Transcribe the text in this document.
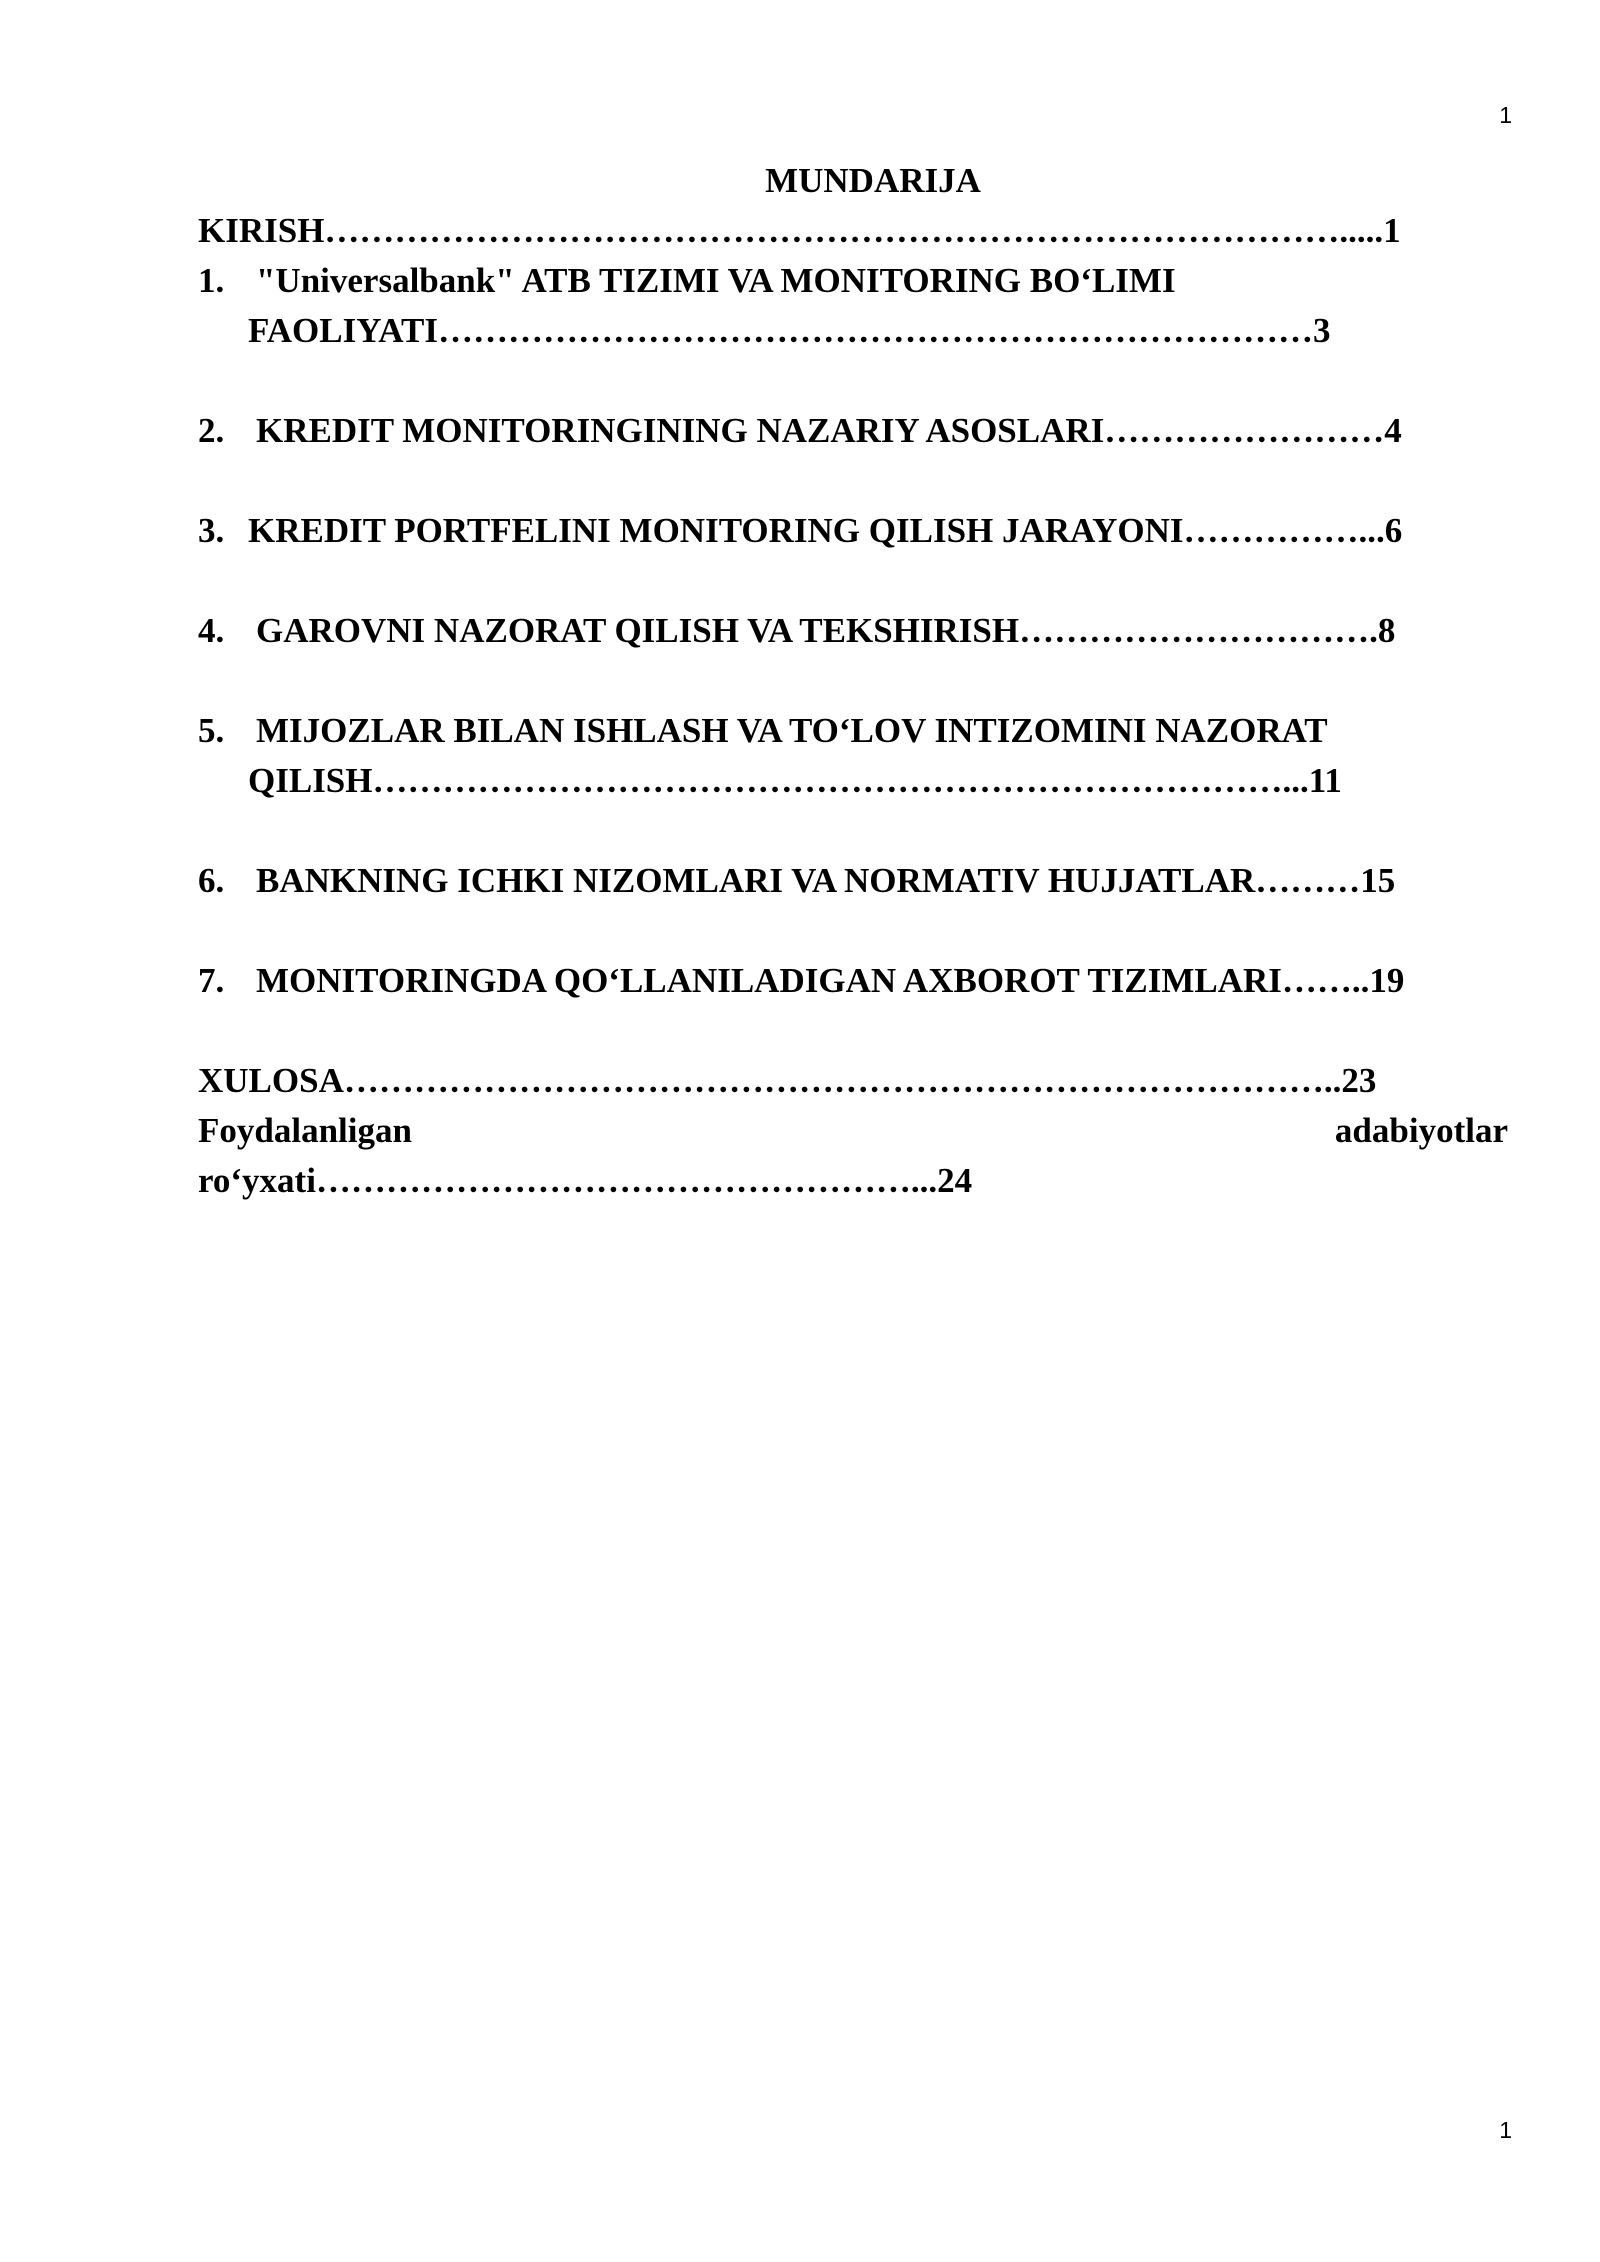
1
MUNDARIJA
KIRISH…………………………………………………………………………….....1
1. "Universalbank" ATB TIZIMI VA MONITORING BO‘LIMI
FAOLIYATI…………………………………………………………………3
2. KREDIT MONITORINGINING NAZARIY ASOSLARI……………………4
3. KREDIT PORTFELINI MONITORING QILISH JARAYONI……………...6
4. GAROVNI NAZORAT QILISH VA TEKSHIRISH………………………….8
5. MIJOZLAR BILAN ISHLASH VA TO‘LOV INTIZOMINI NAZORAT
QILISH……………………………………………………………………...11
6. BANKNING ICHKI NIZOMLARI VA NORMATIV HUJJATLAR………15
7. MONITORINGDA QO‘LLANILADIGAN AXBOROT TIZIMLARI……..19
XULOSA…………………………………………………………………………..23
Foydalanligan	adabiyotlar
ro‘yxati……………………………………………...24
1
